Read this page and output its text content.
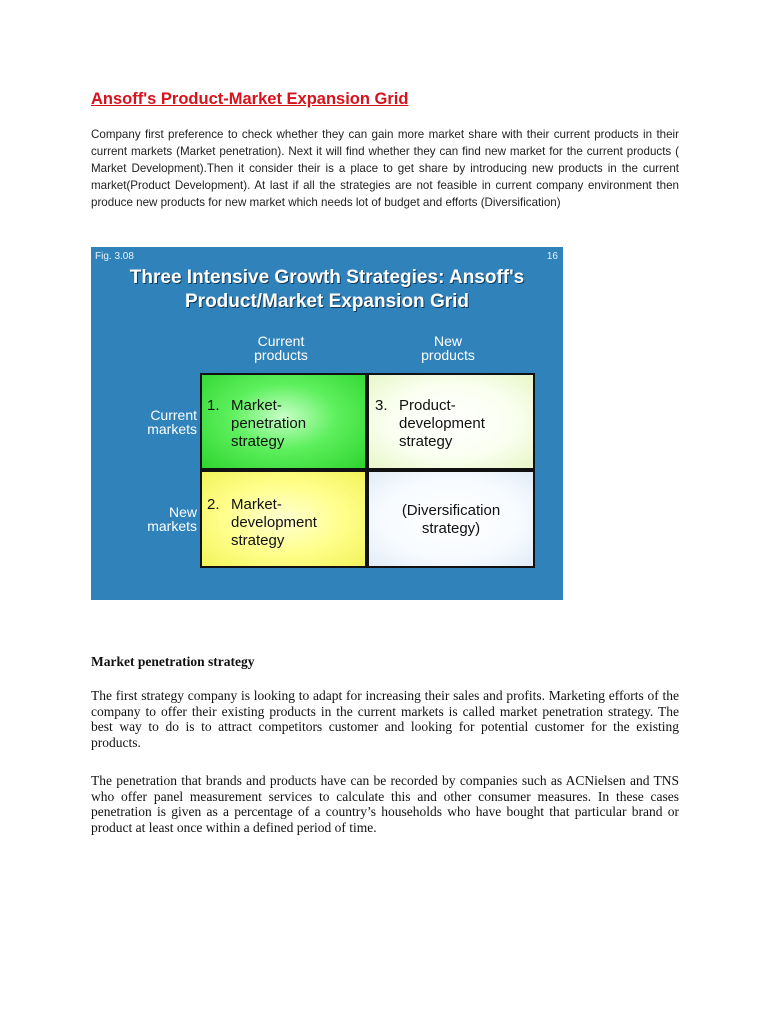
Ansoff's Product-Market Expansion Grid

Company first preference to check whether they can gain more market share with their current products in their current markets (Market penetration). Next it will find whether they can find new market for the current products ( Market Development).Then it consider their is a place to get share by introducing new products in the current market(Product Development). At last if all the strategies are not feasible in current company environment then produce new products for new market which needs lot of budget and efforts (Diversification)

Fig. 3.08	16
Three Intensive Growth Strategies: Ansoff's
Product/Market Expansion Grid
Current
products
New
products
Current
markets
New
markets
1. Market-
penetration
strategy
3. Product-
development
strategy
2. Market-
development
strategy
(Diversification
strategy)
Market penetration strategy

The first strategy company is looking to adapt for increasing their sales and profits. Marketing efforts of the company to offer their existing products in the current markets is called market penetration strategy. The best way to do is to attract competitors customer and looking for potential customer for the existing products.

The penetration that brands and products have can be recorded by companies such as ACNielsen and TNS who offer panel measurement services to calculate this and other consumer measures. In these cases penetration is given as a percentage of a country’s households who have bought that particular brand or product at least once within a defined period of time.
